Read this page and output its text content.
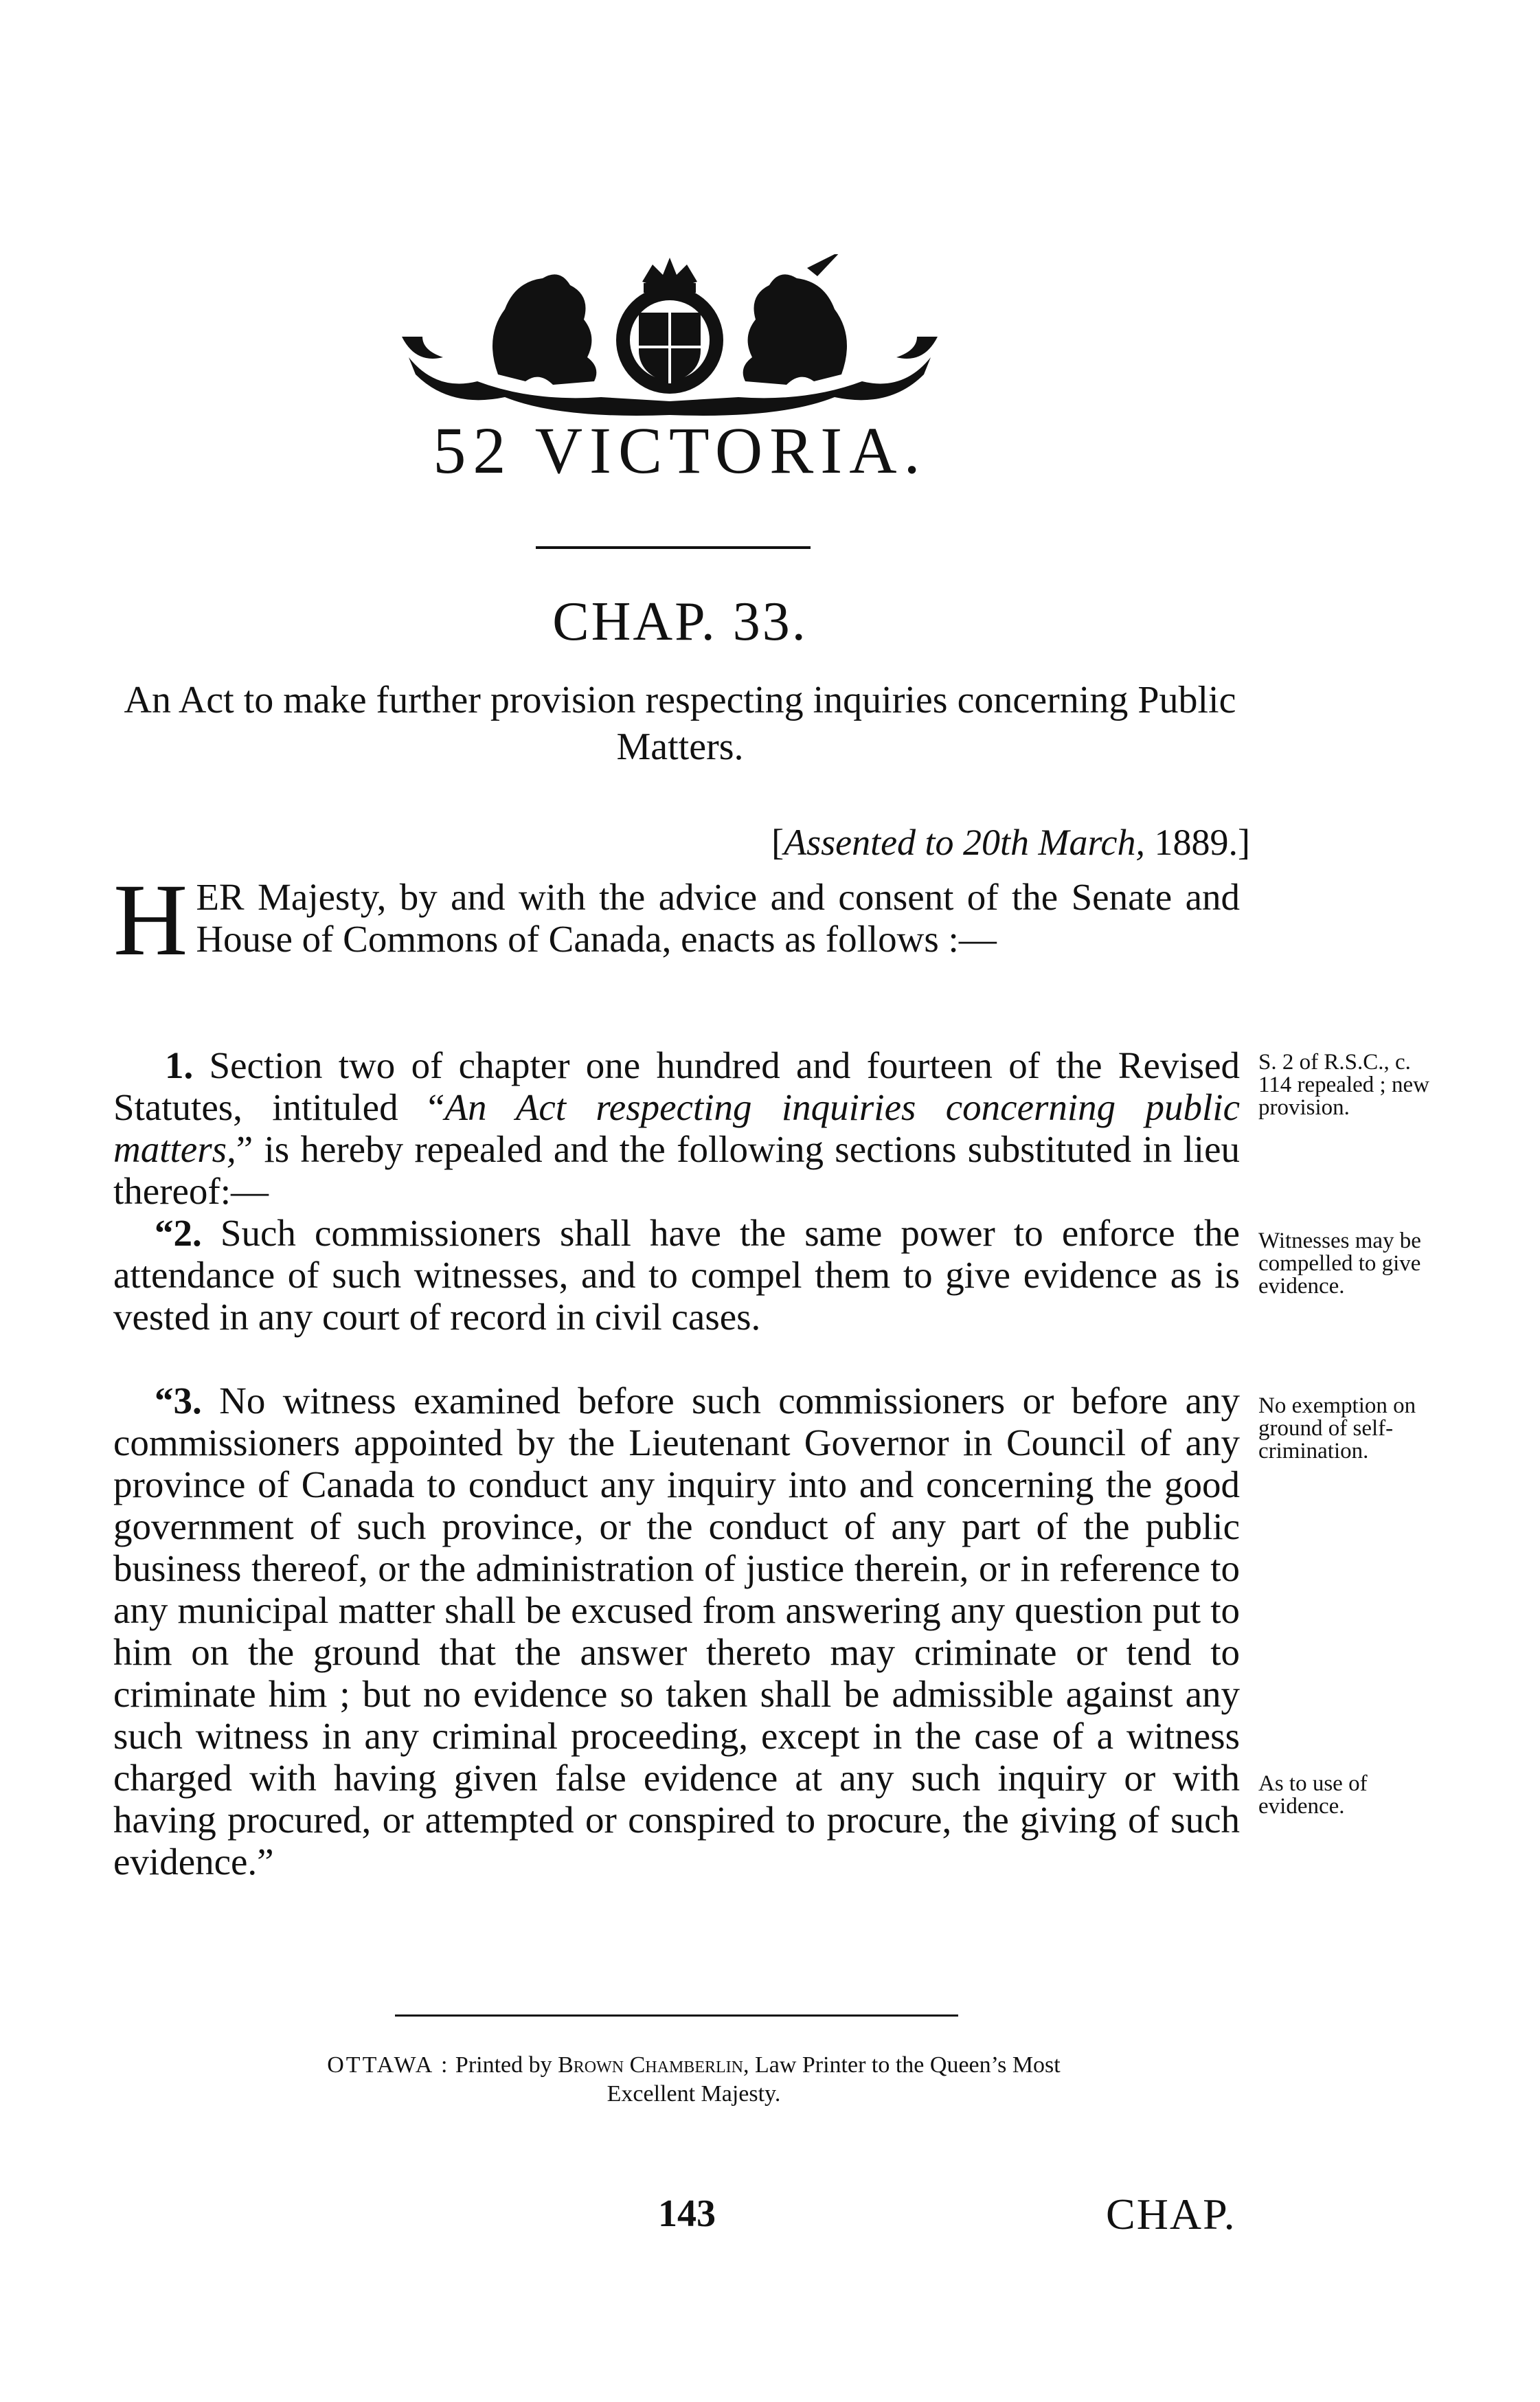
52 VICTORIA.
CHAP. 33.
An Act to make further provision respecting inquiries concerning Public Matters.
[Assented to 20th March, 1889.]
HER Majesty, by and with the advice and consent of the Senate and House of Commons of Canada, enacts as follows :—
1. Section two of chapter one hundred and fourteen of the Revised Statutes, intituled “An Act respecting inquiries concerning public matters,” is hereby repealed and the following sections substituted in lieu thereof:—
S. 2 of R.S.C., c. 114 repealed ; new provision.
“2. Such commissioners shall have the same power to enforce the attendance of such witnesses, and to compel them to give evidence as is vested in any court of record in civil cases.
Witnesses may be compelled to give evidence.
“3. No witness examined before such commissioners or before any commissioners appointed by the Lieutenant Governor in Council of any province of Canada to conduct any inquiry into and concerning the good government of such province, or the conduct of any part of the public business thereof, or the administration of justice therein, or in reference to any municipal matter shall be excused from answering any question put to him on the ground that the answer thereto may criminate or tend to criminate him ; but no evidence so taken shall be admissible against any such witness in any criminal proceeding, except in the case of a witness charged with having given false evidence at any such inquiry or with having procured, or attempted or conspired to procure, the giving of such evidence.”
No exemption on ground of self-crimination.
As to use of evidence.
OTTAWA : Printed by Brown Chamberlin, Law Printer to the Queen’s Most
Excellent Majesty.
143	CHAP.
